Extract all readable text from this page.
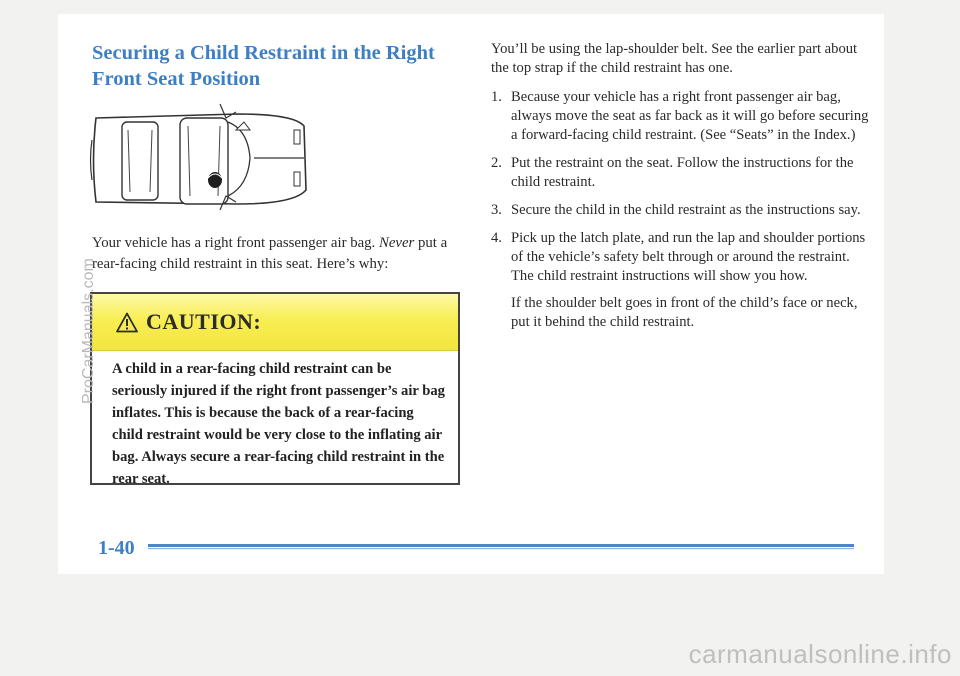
Securing a Child Restraint in the Right Front Seat Position

Your vehicle has a right front passenger air bag. Never put a rear-facing child restraint in this seat. Here’s why:

CAUTION:

A child in a rear-facing child restraint can be seriously injured if the right front passenger’s air bag inflates. This is because the back of a rear-facing child restraint would be very close to the inflating air bag. Always secure a rear-facing child restraint in the rear seat.

You’ll be using the lap-shoulder belt. See the earlier part about the top strap if the child restraint has one.

1. Because your vehicle has a right front passenger air bag, always move the seat as far back as it will go before securing a forward-facing child restraint. (See “Seats” in the Index.)
2. Put the restraint on the seat. Follow the instructions for the child restraint.
3. Secure the child in the child restraint as the instructions say.
4. Pick up the latch plate, and run the lap and shoulder portions of the vehicle’s safety belt through or around the restraint. The child restraint instructions will show you how.

If the shoulder belt goes in front of the child’s face or neck, put it behind the child restraint.

1-40
ProCarManuals.com
carmanualsonline.info
